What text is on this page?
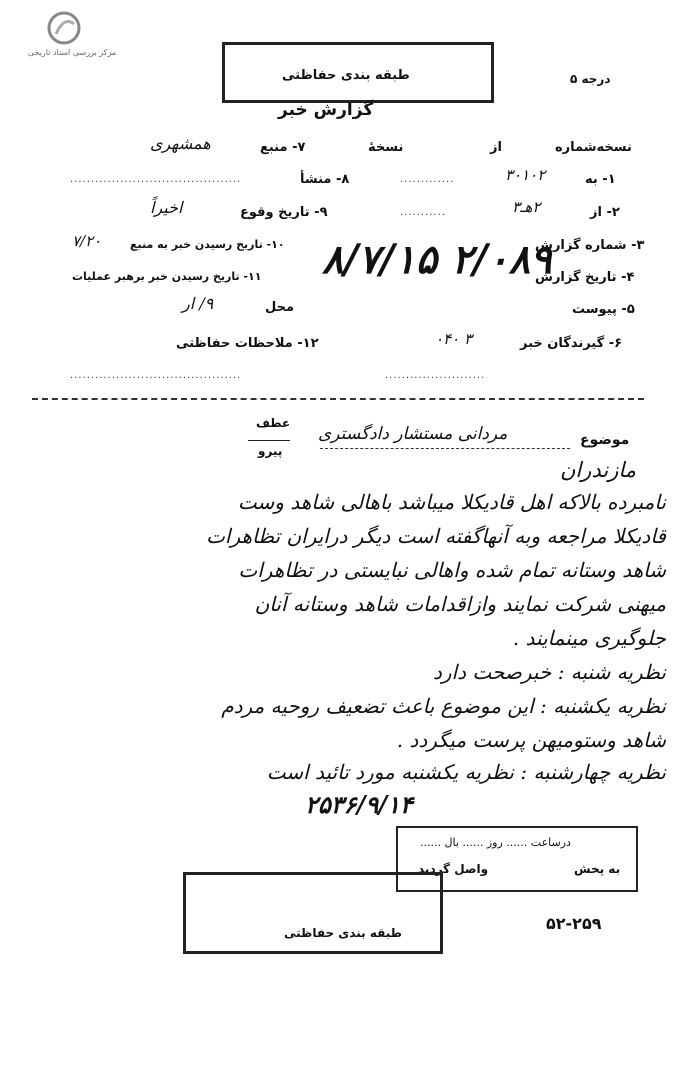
مرکز بررسی اسناد تاریخی
طبقه بندی حفاظتی	درجه ۵
گزارش خبر
نسخه‌شماره
از
نسخهٔ
۷- منبع
همشهری
۱- به
۳۰۱۰۲
.............
۸- منشأ
.........................................
۲- از
۲هـ۳
...........
۹- تاریخ وقوع
اخیراً
۳- شماره گزارش
۱۰- تاریخ رسیدن خبر به منبع
۷/۲۰
۴- تاریخ گزارش
۱۱- تاریخ رسیدن خبر برهبر عملیات ۸/۷/۱۵ ۲/۰۸۹
۵- پیوست
محل
۹/ ار
۶- گیرندگان خبر
۳ ۰۴۰
۱۲- ملاحظات حفاظتی
........................
.........................................
موضوع
مردانی مستشار دادگستری
عطف
پیرو
مازندران
نامبرده بالاکه اهل قادیکلا میباشد باهالی شاهد وست
قادیکلا مراجعه وبه آنهاگفته است دیگر درایران تظاهرات
شاهد وستانه تمام شده واهالی نبایستی در تظاهرات
میهنی شرکت نمایند وازاقدامات شاهد وستانه آنان
جلوگیری مینمایند .
نظریه شنبه : خبرصحت دارد
نظریه یکشنبه : این موضوع باعث تضعیف روحیه مردم
شاهد وستومیهن پرست میگردد .
نظریه چهارشنبه : نظریه یکشنبه مورد تائید است
۲۵۳۶/۹/۱۴
درساعت ...... روز ...... بال ......
به پخش
واصل گردید
طبقه بندی حفاظتی	۵۲-۲۵۹
